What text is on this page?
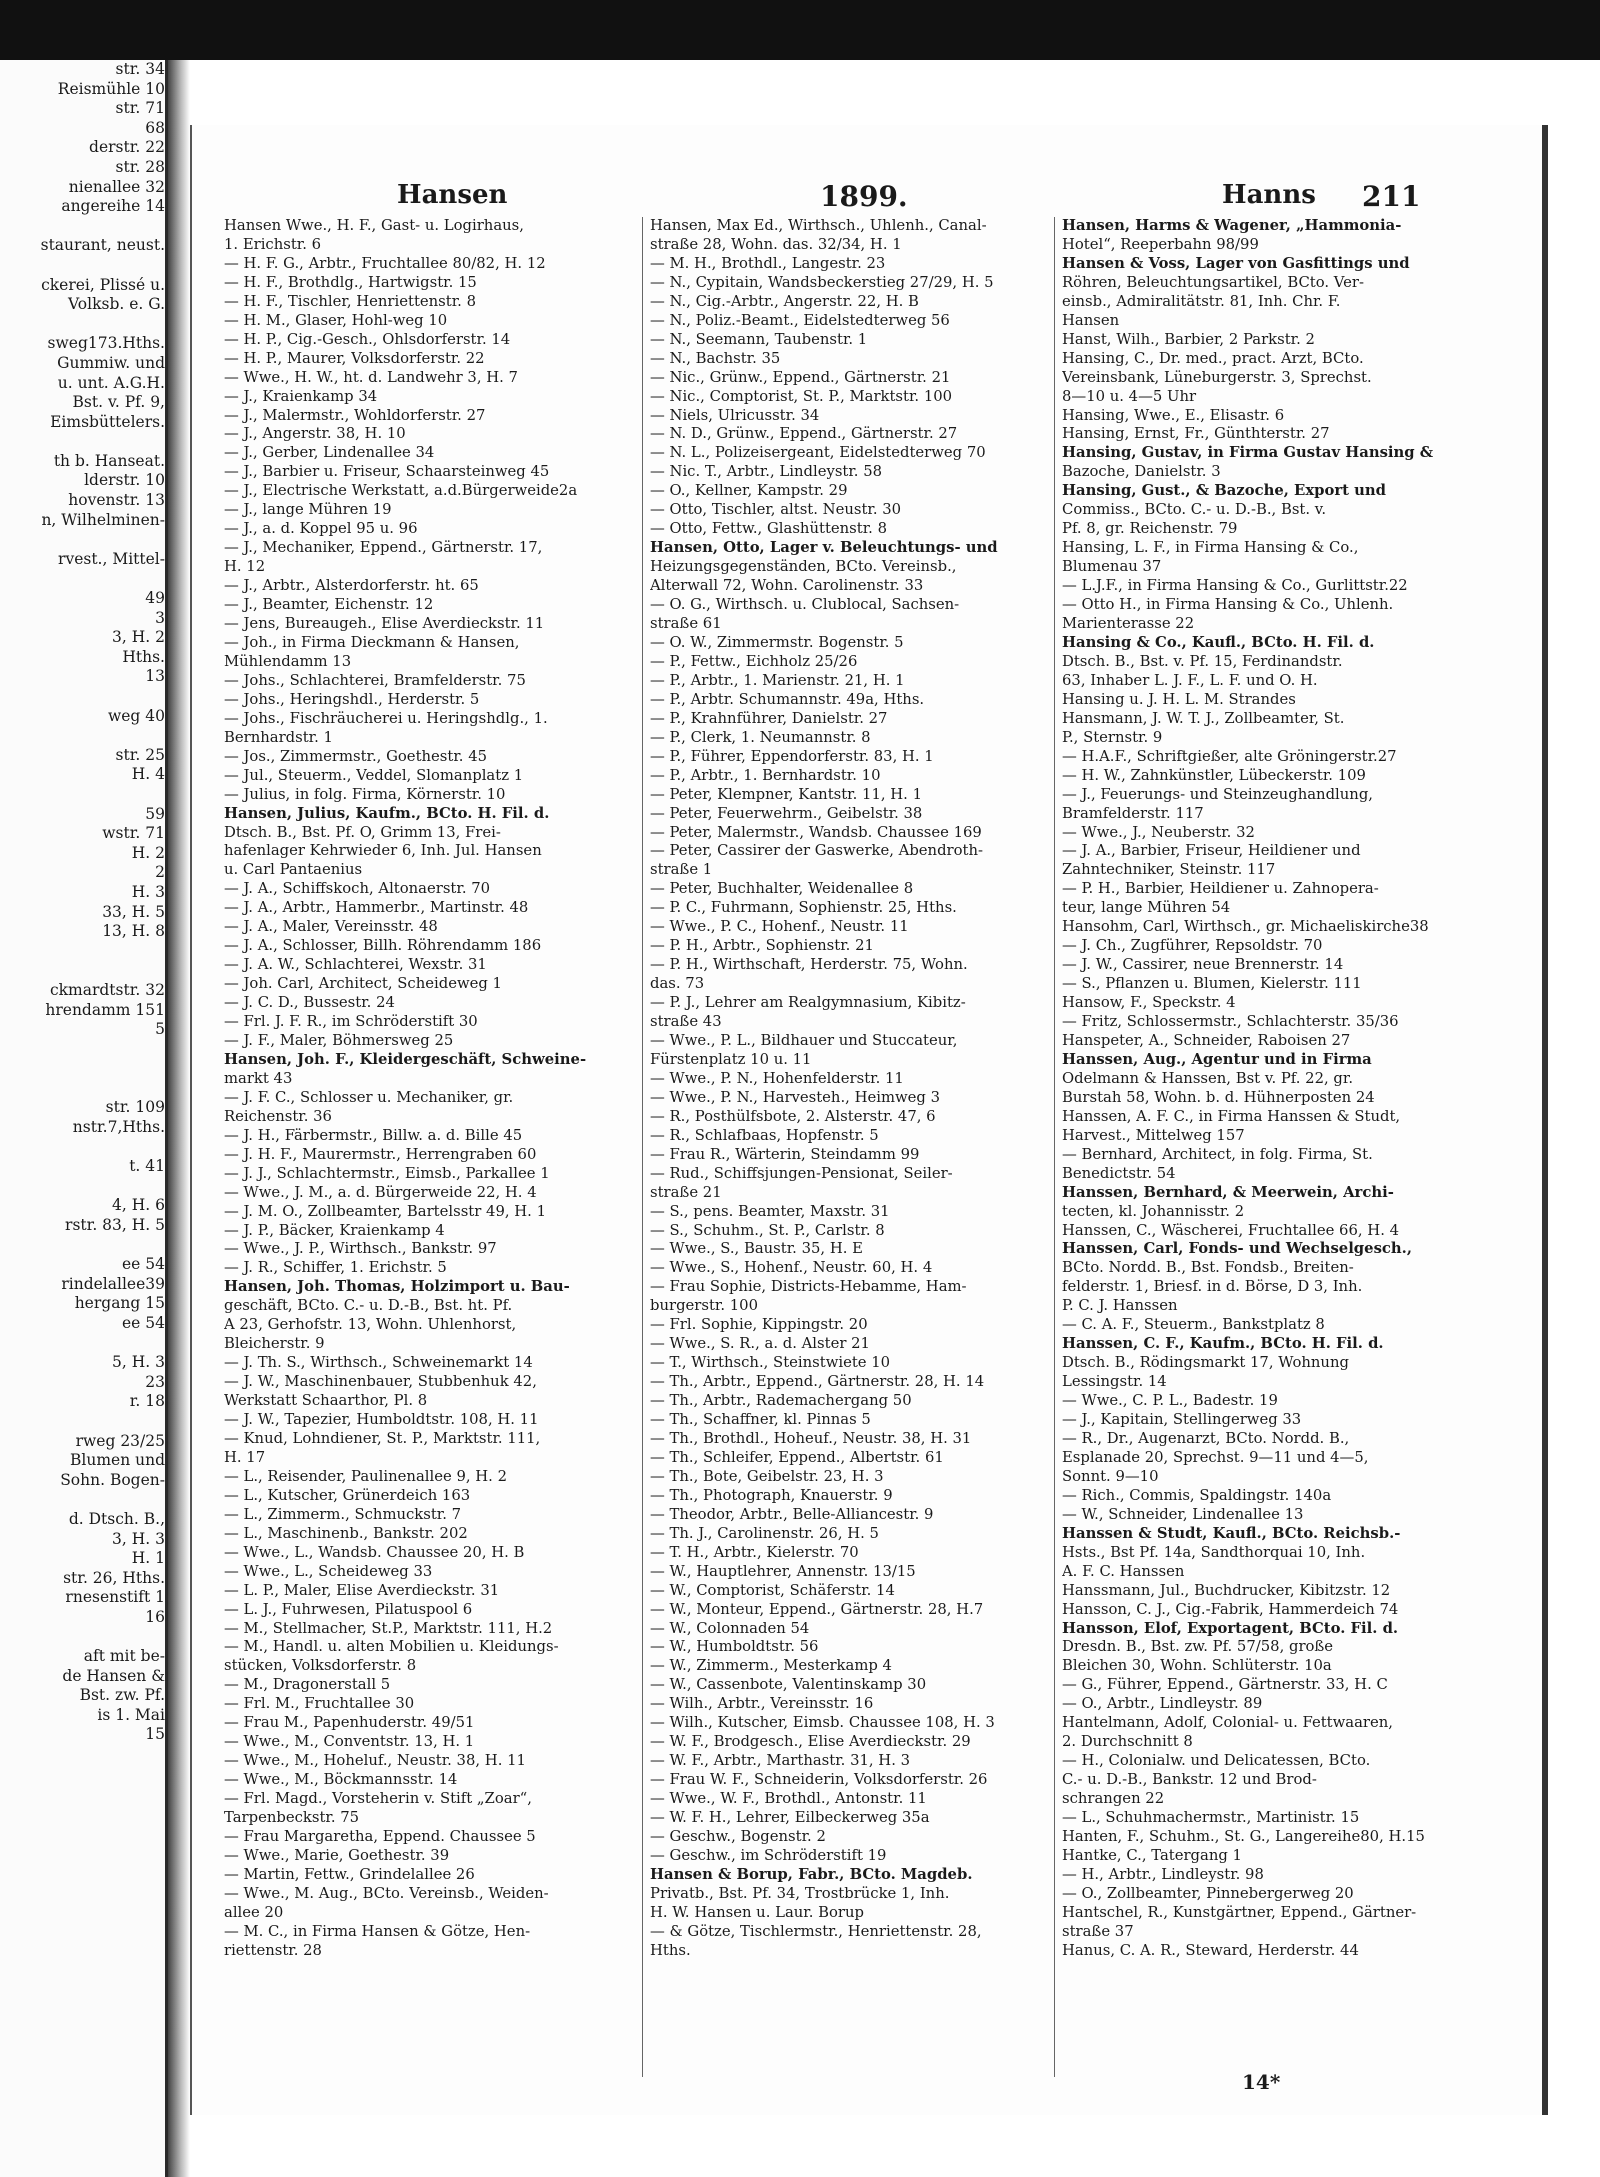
str. 34
Reismühle 10
str. 71
68
derstr. 22
str. 28
nienallee 32
angereihe 14

staurant, neust.

ckerei, Plissé u.
Volksb. e. G.

sweg173.Hths.
Gummiw. und
u. unt. A.G.H.
Bst. v. Pf. 9,
Eimsbüttelers.

th b. Hanseat.
lderstr. 10
hovenstr. 13
n, Wilhelminen-

rvest., Mittel-

49
3
3, H. 2
Hths.
13

weg 40

str. 25
H. 4

59
wstr. 71
H. 2
2
H. 3
33, H. 5
13, H. 8

ckmardtstr. 32
hrendamm 151
5

str. 109
nstr.7,Hths.

t. 41

4, H. 6
rstr. 83, H. 5

ee 54
rindelallee39
hergang 15
ee 54

5, H. 3
23
r. 18

rweg 23/25
Blumen und
Sohn. Bogen-

d. Dtsch. B.,
3, H. 3
H. 1
str. 26, Hths.
rnesenstift 1
16

aft mit be-
de Hansen &
Bst. zw. Pf.
is 1. Mai
15
Hansen	1899.	Hanns 211
Hansen Wwe., H. F., Gast- u. Logirhaus,
1. Erichstr. 6
— H. F. G., Arbtr., Fruchtallee 80/82, H. 12
— H. F., Brothdlg., Hartwigstr. 15
— H. F., Tischler, Henriettenstr. 8
— H. M., Glaser, Hohl-weg 10
— H. P., Cig.-Gesch., Ohlsdorferstr. 14
— H. P., Maurer, Volksdorferstr. 22
— Wwe., H. W., ht. d. Landwehr 3, H. 7
— J., Kraienkamp 34
— J., Malermstr., Wohldorferstr. 27
— J., Angerstr. 38, H. 10
— J., Gerber, Lindenallee 34
— J., Barbier u. Friseur, Schaarsteinweg 45
— J., Electrische Werkstatt, a.d.Bürgerweide2a
— J., lange Mühren 19
— J., a. d. Koppel 95 u. 96
— J., Mechaniker, Eppend., Gärtnerstr. 17,
H. 12
— J., Arbtr., Alsterdorferstr. ht. 65
— J., Beamter, Eichenstr. 12
— Jens, Bureaugeh., Elise Averdieckstr. 11
— Joh., in Firma Dieckmann & Hansen,
Mühlendamm 13
— Johs., Schlachterei, Bramfelderstr. 75
— Johs., Heringshdl., Herderstr. 5
— Johs., Fischräucherei u. Heringshdlg., 1.
Bernhardstr. 1
— Jos., Zimmermstr., Goethestr. 45
— Jul., Steuerm., Veddel, Slomanplatz 1
— Julius, in folg. Firma, Körnerstr. 10
Hansen, Julius, Kaufm., BCto. H. Fil. d.
Dtsch. B., Bst. Pf. O, Grimm 13, Frei-
hafenlager Kehrwieder 6, Inh. Jul. Hansen
u. Carl Pantaenius
— J. A., Schiffskoch, Altonaerstr. 70
— J. A., Arbtr., Hammerbr., Martinstr. 48
— J. A., Maler, Vereinsstr. 48
— J. A., Schlosser, Billh. Röhrendamm 186
— J. A. W., Schlachterei, Wexstr. 31
— Joh. Carl, Architect, Scheideweg 1
— J. C. D., Bussestr. 24
— Frl. J. F. R., im Schröderstift 30
— J. F., Maler, Böhmersweg 25
Hansen, Joh. F., Kleidergeschäft, Schweine-
markt 43
— J. F. C., Schlosser u. Mechaniker, gr.
Reichenstr. 36
— J. H., Färbermstr., Billw. a. d. Bille 45
— J. H. F., Maurermstr., Herrengraben 60
— J. J., Schlachtermstr., Eimsb., Parkallee 1
— Wwe., J. M., a. d. Bürgerweide 22, H. 4
— J. M. O., Zollbeamter, Bartelsstr 49, H. 1
— J. P., Bäcker, Kraienkamp 4
— Wwe., J. P., Wirthsch., Bankstr. 97
— J. R., Schiffer, 1. Erichstr. 5
Hansen, Joh. Thomas, Holzimport u. Bau-
geschäft, BCto. C.- u. D.-B., Bst. ht. Pf.
A 23, Gerhofstr. 13, Wohn. Uhlenhorst,
Bleicherstr. 9
— J. Th. S., Wirthsch., Schweinemarkt 14
— J. W., Maschinenbauer, Stubbenhuk 42,
Werkstatt Schaarthor, Pl. 8
— J. W., Tapezier, Humboldtstr. 108, H. 11
— Knud, Lohndiener, St. P., Marktstr. 111,
H. 17
— L., Reisender, Paulinenallee 9, H. 2
— L., Kutscher, Grünerdeich 163
— L., Zimmerm., Schmuckstr. 7
— L., Maschinenb., Bankstr. 202
— Wwe., L., Wandsb. Chaussee 20, H. B
— Wwe., L., Scheideweg 33
— L. P., Maler, Elise Averdieckstr. 31
— L. J., Fuhrwesen, Pilatuspool 6
— M., Stellmacher, St.P., Marktstr. 111, H.2
— M., Handl. u. alten Mobilien u. Kleidungs-
stücken, Volksdorferstr. 8
— M., Dragonerstall 5
— Frl. M., Fruchtallee 30
— Frau M., Papenhuderstr. 49/51
— Wwe., M., Conventstr. 13, H. 1
— Wwe., M., Hoheluf., Neustr. 38, H. 11
— Wwe., M., Böckmannsstr. 14
— Frl. Magd., Vorsteherin v. Stift „Zoar“,
Tarpenbeckstr. 75
— Frau Margaretha, Eppend. Chaussee 5
— Wwe., Marie, Goethestr. 39
— Martin, Fettw., Grindelallee 26
— Wwe., M. Aug., BCto. Vereinsb., Weiden-
allee 20
— M. C., in Firma Hansen & Götze, Hen-
riettenstr. 28
Hansen, Max Ed., Wirthsch., Uhlenh., Canal-
straße 28, Wohn. das. 32/34, H. 1
— M. H., Brothdl., Langestr. 23
— N., Cypitain, Wandsbeckerstieg 27/29, H. 5
— N., Cig.-Arbtr., Angerstr. 22, H. B
— N., Poliz.-Beamt., Eidelstedterweg 56
— N., Seemann, Taubenstr. 1
— N., Bachstr. 35
— Nic., Grünw., Eppend., Gärtnerstr. 21
— Nic., Comptorist, St. P., Marktstr. 100
— Niels, Ulricusstr. 34
— N. D., Grünw., Eppend., Gärtnerstr. 27
— N. L., Polizeisergeant, Eidelstedterweg 70
— Nic. T., Arbtr., Lindleystr. 58
— O., Kellner, Kampstr. 29
— Otto, Tischler, altst. Neustr. 30
— Otto, Fettw., Glashüttenstr. 8
Hansen, Otto, Lager v. Beleuchtungs- und
Heizungsgegenständen, BCto. Vereinsb.,
Alterwall 72, Wohn. Carolinenstr. 33
— O. G., Wirthsch. u. Clublocal, Sachsen-
straße 61
— O. W., Zimmermstr. Bogenstr. 5
— P., Fettw., Eichholz 25/26
— P., Arbtr., 1. Marienstr. 21, H. 1
— P., Arbtr. Schumannstr. 49a, Hths.
— P., Krahnführer, Danielstr. 27
— P., Clerk, 1. Neumannstr. 8
— P., Führer, Eppendorferstr. 83, H. 1
— P., Arbtr., 1. Bernhardstr. 10
— Peter, Klempner, Kantstr. 11, H. 1
— Peter, Feuerwehrm., Geibelstr. 38
— Peter, Malermstr., Wandsb. Chaussee 169
— Peter, Cassirer der Gaswerke, Abendroth-
straße 1
— Peter, Buchhalter, Weidenallee 8
— P. C., Fuhrmann, Sophienstr. 25, Hths.
— Wwe., P. C., Hohenf., Neustr. 11
— P. H., Arbtr., Sophienstr. 21
— P. H., Wirthschaft, Herderstr. 75, Wohn.
das. 73
— P. J., Lehrer am Realgymnasium, Kibitz-
straße 43
— Wwe., P. L., Bildhauer und Stuccateur,
Fürstenplatz 10 u. 11
— Wwe., P. N., Hohenfelderstr. 11
— Wwe., P. N., Harvesteh., Heimweg 3
— R., Posthülfsbote, 2. Alsterstr. 47, 6
— R., Schlafbaas, Hopfenstr. 5
— Frau R., Wärterin, Steindamm 99
— Rud., Schiffsjungen-Pensionat, Seiler-
straße 21
— S., pens. Beamter, Maxstr. 31
— S., Schuhm., St. P., Carlstr. 8
— Wwe., S., Baustr. 35, H. E
— Wwe., S., Hohenf., Neustr. 60, H. 4
— Frau Sophie, Districts-Hebamme, Ham-
burgerstr. 100
— Frl. Sophie, Kippingstr. 20
— Wwe., S. R., a. d. Alster 21
— T., Wirthsch., Steinstwiete 10
— Th., Arbtr., Eppend., Gärtnerstr. 28, H. 14
— Th., Arbtr., Rademachergang 50
— Th., Schaffner, kl. Pinnas 5
— Th., Brothdl., Hoheuf., Neustr. 38, H. 31
— Th., Schleifer, Eppend., Albertstr. 61
— Th., Bote, Geibelstr. 23, H. 3
— Th., Photograph, Knauerstr. 9
— Theodor, Arbtr., Belle-Alliancestr. 9
— Th. J., Carolinenstr. 26, H. 5
— T. H., Arbtr., Kielerstr. 70
— W., Hauptlehrer, Annenstr. 13/15
— W., Comptorist, Schäferstr. 14
— W., Monteur, Eppend., Gärtnerstr. 28, H.7
— W., Colonnaden 54
— W., Humboldtstr. 56
— W., Zimmerm., Mesterkamp 4
— W., Cassenbote, Valentinskamp 30
— Wilh., Arbtr., Vereinsstr. 16
— Wilh., Kutscher, Eimsb. Chaussee 108, H. 3
— W. F., Brodgesch., Elise Averdieckstr. 29
— W. F., Arbtr., Marthastr. 31, H. 3
— Frau W. F., Schneiderin, Volksdorferstr. 26
— Wwe., W. F., Brothdl., Antonstr. 11
— W. F. H., Lehrer, Eilbeckerweg 35a
— Geschw., Bogenstr. 2
— Geschw., im Schröderstift 19
Hansen & Borup, Fabr., BCto. Magdeb.
Privatb., Bst. Pf. 34, Trostbrücke 1, Inh.
H. W. Hansen u. Laur. Borup
— & Götze, Tischlermstr., Henriettenstr. 28,
Hths.
Hansen, Harms & Wagener, „Hammonia-
Hotel“, Reeperbahn 98/99
Hansen & Voss, Lager von Gasfittings und
Röhren, Beleuchtungsartikel, BCto. Ver-
einsb., Admiralitätstr. 81, Inh. Chr. F.
Hansen
Hanst, Wilh., Barbier, 2 Parkstr. 2
Hansing, C., Dr. med., pract. Arzt, BCto.
Vereinsbank, Lüneburgerstr. 3, Sprechst.
8—10 u. 4—5 Uhr
Hansing, Wwe., E., Elisastr. 6
Hansing, Ernst, Fr., Günthterstr. 27
Hansing, Gustav, in Firma Gustav Hansing &
Bazoche, Danielstr. 3
Hansing, Gust., & Bazoche, Export und
Commiss., BCto. C.- u. D.-B., Bst. v.
Pf. 8, gr. Reichenstr. 79
Hansing, L. F., in Firma Hansing & Co.,
Blumenau 37
— L.J.F., in Firma Hansing & Co., Gurlittstr.22
— Otto H., in Firma Hansing & Co., Uhlenh.
Marienterasse 22
Hansing & Co., Kaufl., BCto. H. Fil. d.
Dtsch. B., Bst. v. Pf. 15, Ferdinandstr.
63, Inhaber L. J. F., L. F. und O. H.
Hansing u. J. H. L. M. Strandes
Hansmann, J. W. T. J., Zollbeamter, St.
P., Sternstr. 9
— H.A.F., Schriftgießer, alte Gröningerstr.27
— H. W., Zahnkünstler, Lübeckerstr. 109
— J., Feuerungs- und Steinzeughandlung,
Bramfelderstr. 117
— Wwe., J., Neuberstr. 32
— J. A., Barbier, Friseur, Heildiener und
Zahntechniker, Steinstr. 117
— P. H., Barbier, Heildiener u. Zahnopera-
teur, lange Mühren 54
Hansohm, Carl, Wirthsch., gr. Michaeliskirche38
— J. Ch., Zugführer, Repsoldstr. 70
— J. W., Cassirer, neue Brennerstr. 14
— S., Pflanzen u. Blumen, Kielerstr. 111
Hansow, F., Speckstr. 4
— Fritz, Schlossermstr., Schlachterstr. 35/36
Hanspeter, A., Schneider, Raboisen 27
Hanssen, Aug., Agentur und in Firma
Odelmann & Hanssen, Bst v. Pf. 22, gr.
Burstah 58, Wohn. b. d. Hühnerposten 24
Hanssen, A. F. C., in Firma Hanssen & Studt,
Harvest., Mittelweg 157
— Bernhard, Architect, in folg. Firma, St.
Benedictstr. 54
Hanssen, Bernhard, & Meerwein, Archi-
tecten, kl. Johannisstr. 2
Hanssen, C., Wäscherei, Fruchtallee 66, H. 4
Hanssen, Carl, Fonds- und Wechselgesch.,
BCto. Nordd. B., Bst. Fondsb., Breiten-
felderstr. 1, Briesf. in d. Börse, D 3, Inh.
P. C. J. Hanssen
— C. A. F., Steuerm., Bankstplatz 8
Hanssen, C. F., Kaufm., BCto. H. Fil. d.
Dtsch. B., Rödingsmarkt 17, Wohnung
Lessingstr. 14
— Wwe., C. P. L., Badestr. 19
— J., Kapitain, Stellingerweg 33
— R., Dr., Augenarzt, BCto. Nordd. B.,
Esplanade 20, Sprechst. 9—11 und 4—5,
Sonnt. 9—10
— Rich., Commis, Spaldingstr. 140a
— W., Schneider, Lindenallee 13
Hanssen & Studt, Kaufl., BCto. Reichsb.-
Hsts., Bst Pf. 14a, Sandthorquai 10, Inh.
A. F. C. Hanssen
Hanssmann, Jul., Buchdrucker, Kibitzstr. 12
Hansson, C. J., Cig.-Fabrik, Hammerdeich 74
Hansson, Elof, Exportagent, BCto. Fil. d.
Dresdn. B., Bst. zw. Pf. 57/58, große
Bleichen 30, Wohn. Schlüterstr. 10a
— G., Führer, Eppend., Gärtnerstr. 33, H. C
— O., Arbtr., Lindleystr. 89
Hantelmann, Adolf, Colonial- u. Fettwaaren,
2. Durchschnitt 8
— H., Colonialw. und Delicatessen, BCto.
C.- u. D.-B., Bankstr. 12 und Brod-
schrangen 22
— L., Schuhmachermstr., Martinistr. 15
Hanten, F., Schuhm., St. G., Langereihe80, H.15
Hantke, C., Tatergang 1
— H., Arbtr., Lindleystr. 98
— O., Zollbeamter, Pinnebergerweg 20
Hantschel, R., Kunstgärtner, Eppend., Gärtner-
straße 37
Hanus, C. A. R., Steward, Herderstr. 44
14*
